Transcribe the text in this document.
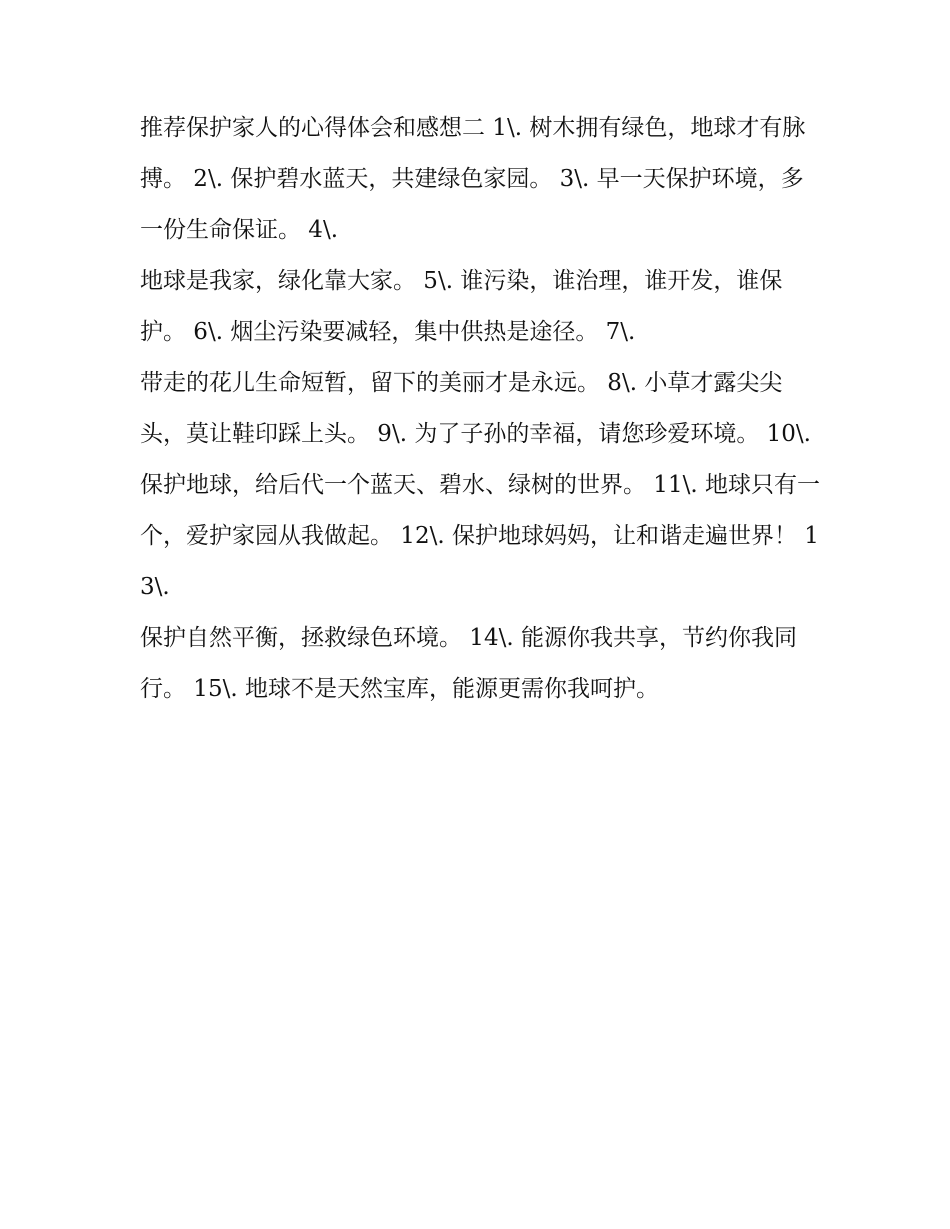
推荐保护家人的心得体会和感想二 1\. 树木拥有绿色，地球才有脉搏。 2\. 保护碧水蓝天，共建绿色家园。 3\. 早一天保护环境，多一份生命保证。 4\.

地球是我家，绿化靠大家。 5\. 谁污染，谁治理，谁开发，谁保护。 6\. 烟尘污染要减轻，集中供热是途径。 7\.

带走的花儿生命短暂，留下的美丽才是永远。 8\. 小草才露尖尖头，莫让鞋印踩上头。 9\. 为了子孙的幸福，请您珍爱环境。 10\.

保护地球，给后代一个蓝天、碧水、绿树的世界。 11\. 地球只有一个，爱护家园从我做起。 12\. 保护地球妈妈，让和谐走遍世界！ 13\.

保护自然平衡，拯救绿色环境。 14\. 能源你我共享，节约你我同行。 15\. 地球不是天然宝库，能源更需你我呵护。
